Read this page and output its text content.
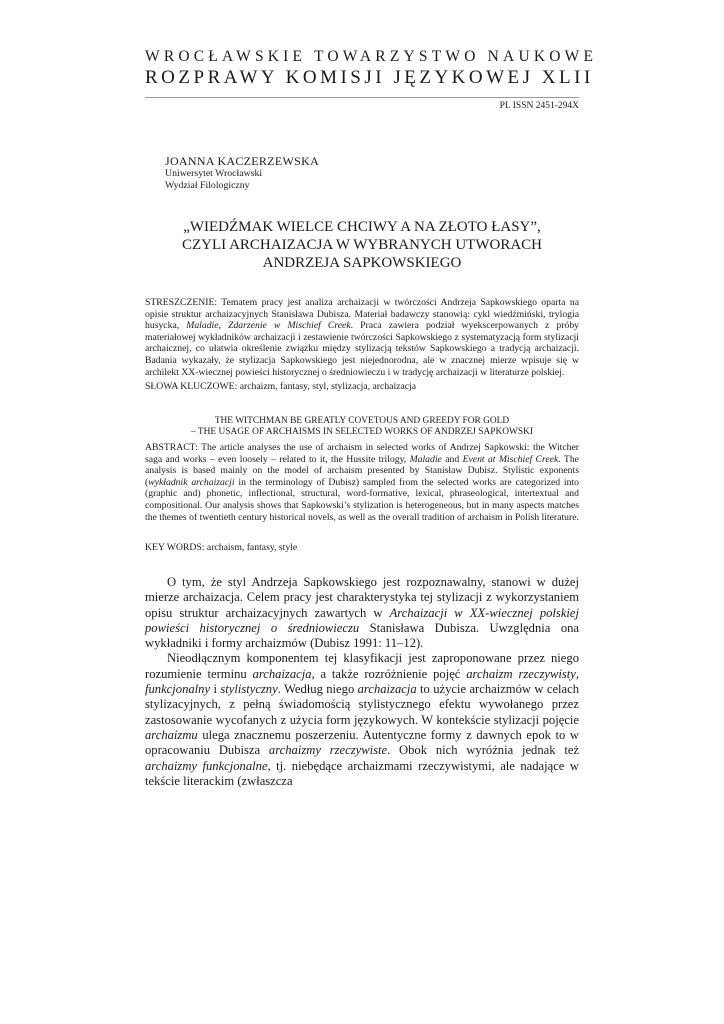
WROCŁAWSKIE TOWARZYSTWO NAUKOWE
ROZPRAWY KOMISJI JĘZYKOWEJ XLII
PL ISSN 2451-294X
JOANNA KACZERZEWSKA
Uniwersytet Wrocławski
Wydział Filologiczny
„WIEDŹMAK WIELCE CHCIWY A NA ZŁOTO ŁASY”,
CZYLI ARCHAIZACJA W WYBRANYCH UTWORACH
ANDRZEJA SAPKOWSKIEGO
STRESZCZENIE: Tematem pracy jest analiza archaizacji w twórczości Andrzeja Sapkowskiego oparta na opisie struktur archaizacyjnych Stanisława Dubisza. Materiał badawczy stanowią: cykl wiedźmiński, trylogia husycka, Maladie, Zdarzenie w Mischief Creek. Praca zawiera podział wyekscerpowanych z próby materiałowej wykładników archaizacji i zestawienie twórczości Sapkowskiego z systematyzacją form stylizacji archaicznej, co ułatwia określenie związku między stylizacją tekstów Sapkowskiego a tradycją archaizacji. Badania wykazały, że stylizacja Sapkowskiego jest niejednorodna, ale w znacznej mierze wpisuje się w archilekt XX-wiecznej powieści historycznej o średniowieczu i w tradycję archaizacji w literaturze polskiej.
SŁOWA KLUCZOWE: archaizm, fantasy, styl, stylizacja, archaizacja
THE WITCHMAN BE GREATLY COVETOUS AND GREEDY FOR GOLD
– THE USAGE OF ARCHAISMS IN SELECTED WORKS OF ANDRZEJ SAPKOWSKI
ABSTRACT: The article analyses the use of archaism in selected works of Andrzej Sapkowski: the Witcher saga and works – even loosely – related to it, the Hussite trilogy, Maladie and Event at Mischief Creek. The analysis is based mainly on the model of archaism presented by Stanisław Dubisz. Stylistic exponents (wykładnik archaizacji in the terminology of Dubisz) sampled from the selected works are categorized into (graphic and) phonetic, inflectional, structural, word-formative, lexical, phraseological, intertextual and compositional. Our analysis shows that Sapkowski’s stylization is heterogeneous, but in many aspects matches the themes of twentieth century historical novels, as well as the overall tradition of archaism in Polish literature.
KEY WORDS: archaism, fantasy, style

O tym, że styl Andrzeja Sapkowskiego jest rozpoznawalny, stanowi w dużej mierze archaizacja. Celem pracy jest charakterystyka tej stylizacji z wykorzystaniem opisu struktur archaizacyjnych zawartych w Archaizacji w XX-wiecznej polskiej powieści historycznej o średniowieczu Stanisława Dubisza. Uwzględnia ona wykładniki i formy archaizmów (Dubisz 1991: 11–12).

Nieodłącznym komponentem tej klasyfikacji jest zaproponowane przez niego rozumienie terminu archaizacja, a także rozróżnienie pojęć archaizm rzeczywisty, funkcjonalny i stylistyczny. Według niego archaizacja to użycie archaizmów w celach stylizacyjnych, z pełną świadomością stylistycznego efektu wywołanego przez zastosowanie wycofanych z użycia form językowych. W kontekście stylizacji pojęcie archaizmu ulega znacznemu poszerzeniu. Autentyczne formy z dawnych epok to w opracowaniu Dubisza archaizmy rzeczywiste. Obok nich wyróżnia jednak też archaizmy funkcjonalne, tj. niebędące archaizmami rzeczywistymi, ale nadające w tekście literackim (zwłaszcza
